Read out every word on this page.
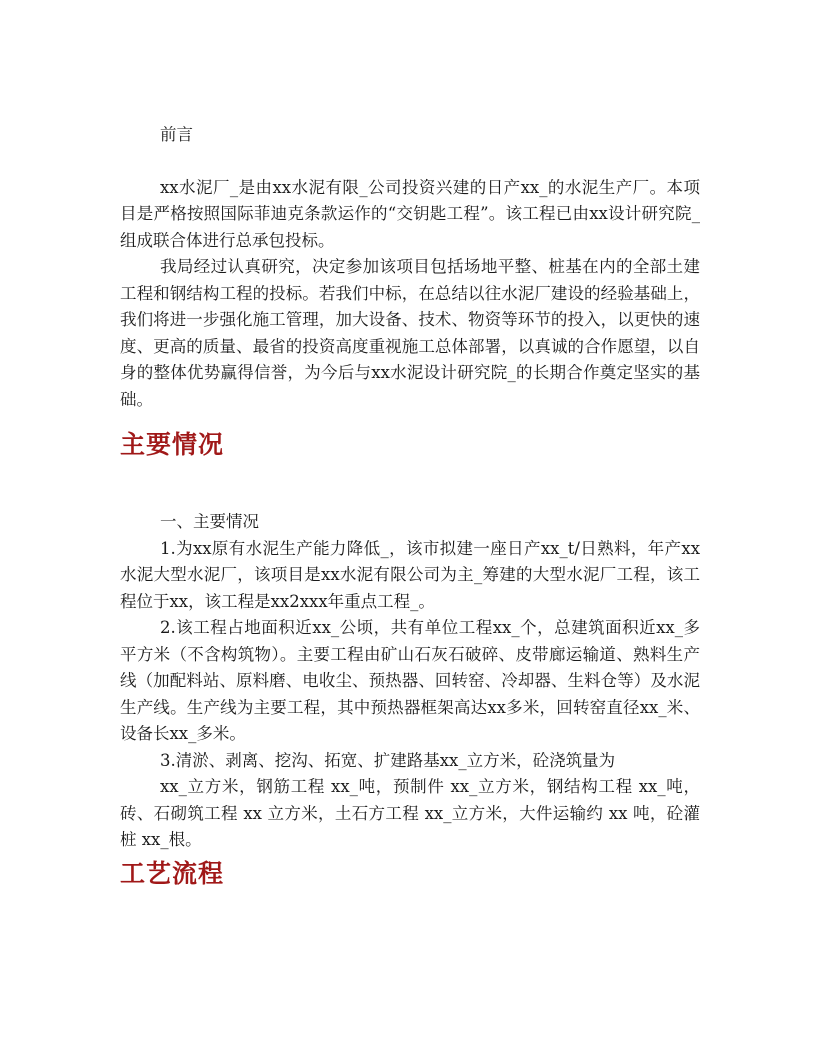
前言

xx水泥厂_是由xx水泥有限_公司投资兴建的日产xx_的水泥生产厂。本项目是严格按照国际菲迪克条款运作的“交钥匙工程”。该工程已由xx设计研究院_组成联合体进行总承包投标。

我局经过认真研究，决定参加该项目包括场地平整、桩基在内的全部土建工程和钢结构工程的投标。若我们中标，在总结以往水泥厂建设的经验基础上，我们将进一步强化施工管理，加大设备、技术、物资等环节的投入，以更快的速度、更高的质量、最省的投资高度重视施工总体部署，以真诚的合作愿望，以自身的整体优势赢得信誉，为今后与xx水泥设计研究院_的长期合作奠定坚实的基础。

主要情况

一、主要情况

1.为xx原有水泥生产能力降低_，该市拟建一座日产xx_t/日熟料，年产xx水泥大型水泥厂，该项目是xx水泥有限公司为主_筹建的大型水泥厂工程，该工程位于xx，该工程是xx2xxx年重点工程_。

2.该工程占地面积近xx_公顷，共有单位工程xx_个，总建筑面积近xx_多平方米（不含构筑物）。主要工程由矿山石灰石破碎、皮带廊运输道、熟料生产线（加配料站、原料磨、电收尘、预热器、回转窑、冷却器、生料仓等）及水泥生产线。生产线为主要工程，其中预热器框架高达xx多米，回转窑直径xx_米、设备长xx_多米。

3.清淤、剥离、挖沟、拓宽、扩建路基xx_立方米，砼浇筑量为

xx_立方米，钢筋工程 xx_吨，预制件 xx_立方米，钢结构工程 xx_吨，砖、石砌筑工程 xx 立方米，土石方工程 xx_立方米，大件运输约 xx 吨，砼灌桩 xx_根。

工艺流程
